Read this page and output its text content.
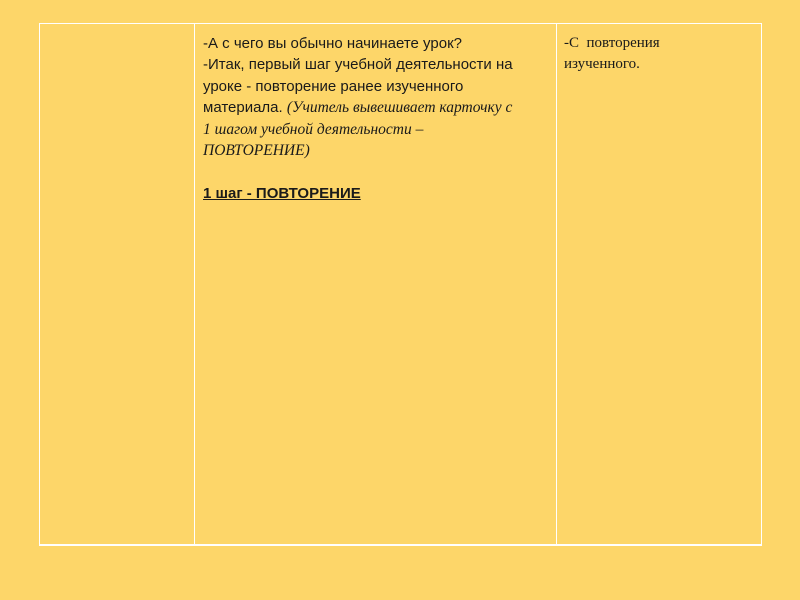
-А с чего вы обычно начинаете урок?

-Итак, первый шаг учебной деятельности на

уроке - повторение ранее изученного

материала. (Учитель вывешивает карточку с

1 шагом учебной деятельности –

ПОВТОРЕНИЕ)

1 шаг - ПОВТОРЕНИЕ

-С  повторения

изученного.
